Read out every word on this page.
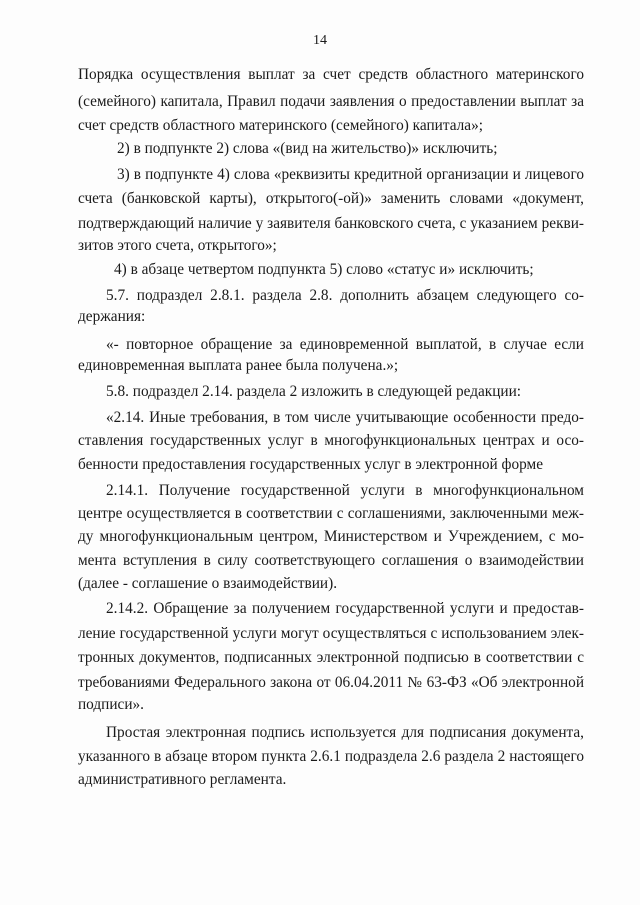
14
Порядка осуществления выплат за счет средств областного материнского
(семейного) капитала, Правил подачи заявления о предоставлении выплат за
счет средств областного материнского (семейного) капитала»;
2) в подпункте 2) слова «(вид на жительство)» исключить;
3) в подпункте 4) слова «реквизиты кредитной организации и лицевого
счета (банковской карты), открытого(-ой)» заменить словами «документ,
подтверждающий наличие у заявителя банковского счета, с указанием рекви-
зитов этого счета, открытого»;
4) в абзаце четвертом подпункта 5) слово «статус и» исключить;
5.7. подраздел 2.8.1. раздела 2.8. дополнить абзацем следующего со-
держания:
«- повторное обращение за единовременной выплатой, в случае если
единовременная выплата ранее была получена.»;
5.8. подраздел 2.14. раздела 2 изложить в следующей редакции:
«2.14. Иные требования, в том числе учитывающие особенности предо-
ставления государственных услуг в многофункциональных центрах и осо-
бенности предоставления государственных услуг в электронной форме
2.14.1. Получение государственной услуги в многофункциональном
центре осуществляется в соответствии с соглашениями, заключенными меж-
ду многофункциональным центром, Министерством и Учреждением, с мо-
мента вступления в силу соответствующего соглашения о взаимодействии
(далее - соглашение о взаимодействии).
2.14.2. Обращение за получением государственной услуги и предостав-
ление государственной услуги могут осуществляться с использованием элек-
тронных документов, подписанных электронной подписью в соответствии с
требованиями Федерального закона от 06.04.2011 № 63-ФЗ «Об электронной
подписи».
Простая электронная подпись используется для подписания документа,
указанного в абзаце втором пункта 2.6.1 подраздела 2.6 раздела 2 настоящего
административного регламента.
